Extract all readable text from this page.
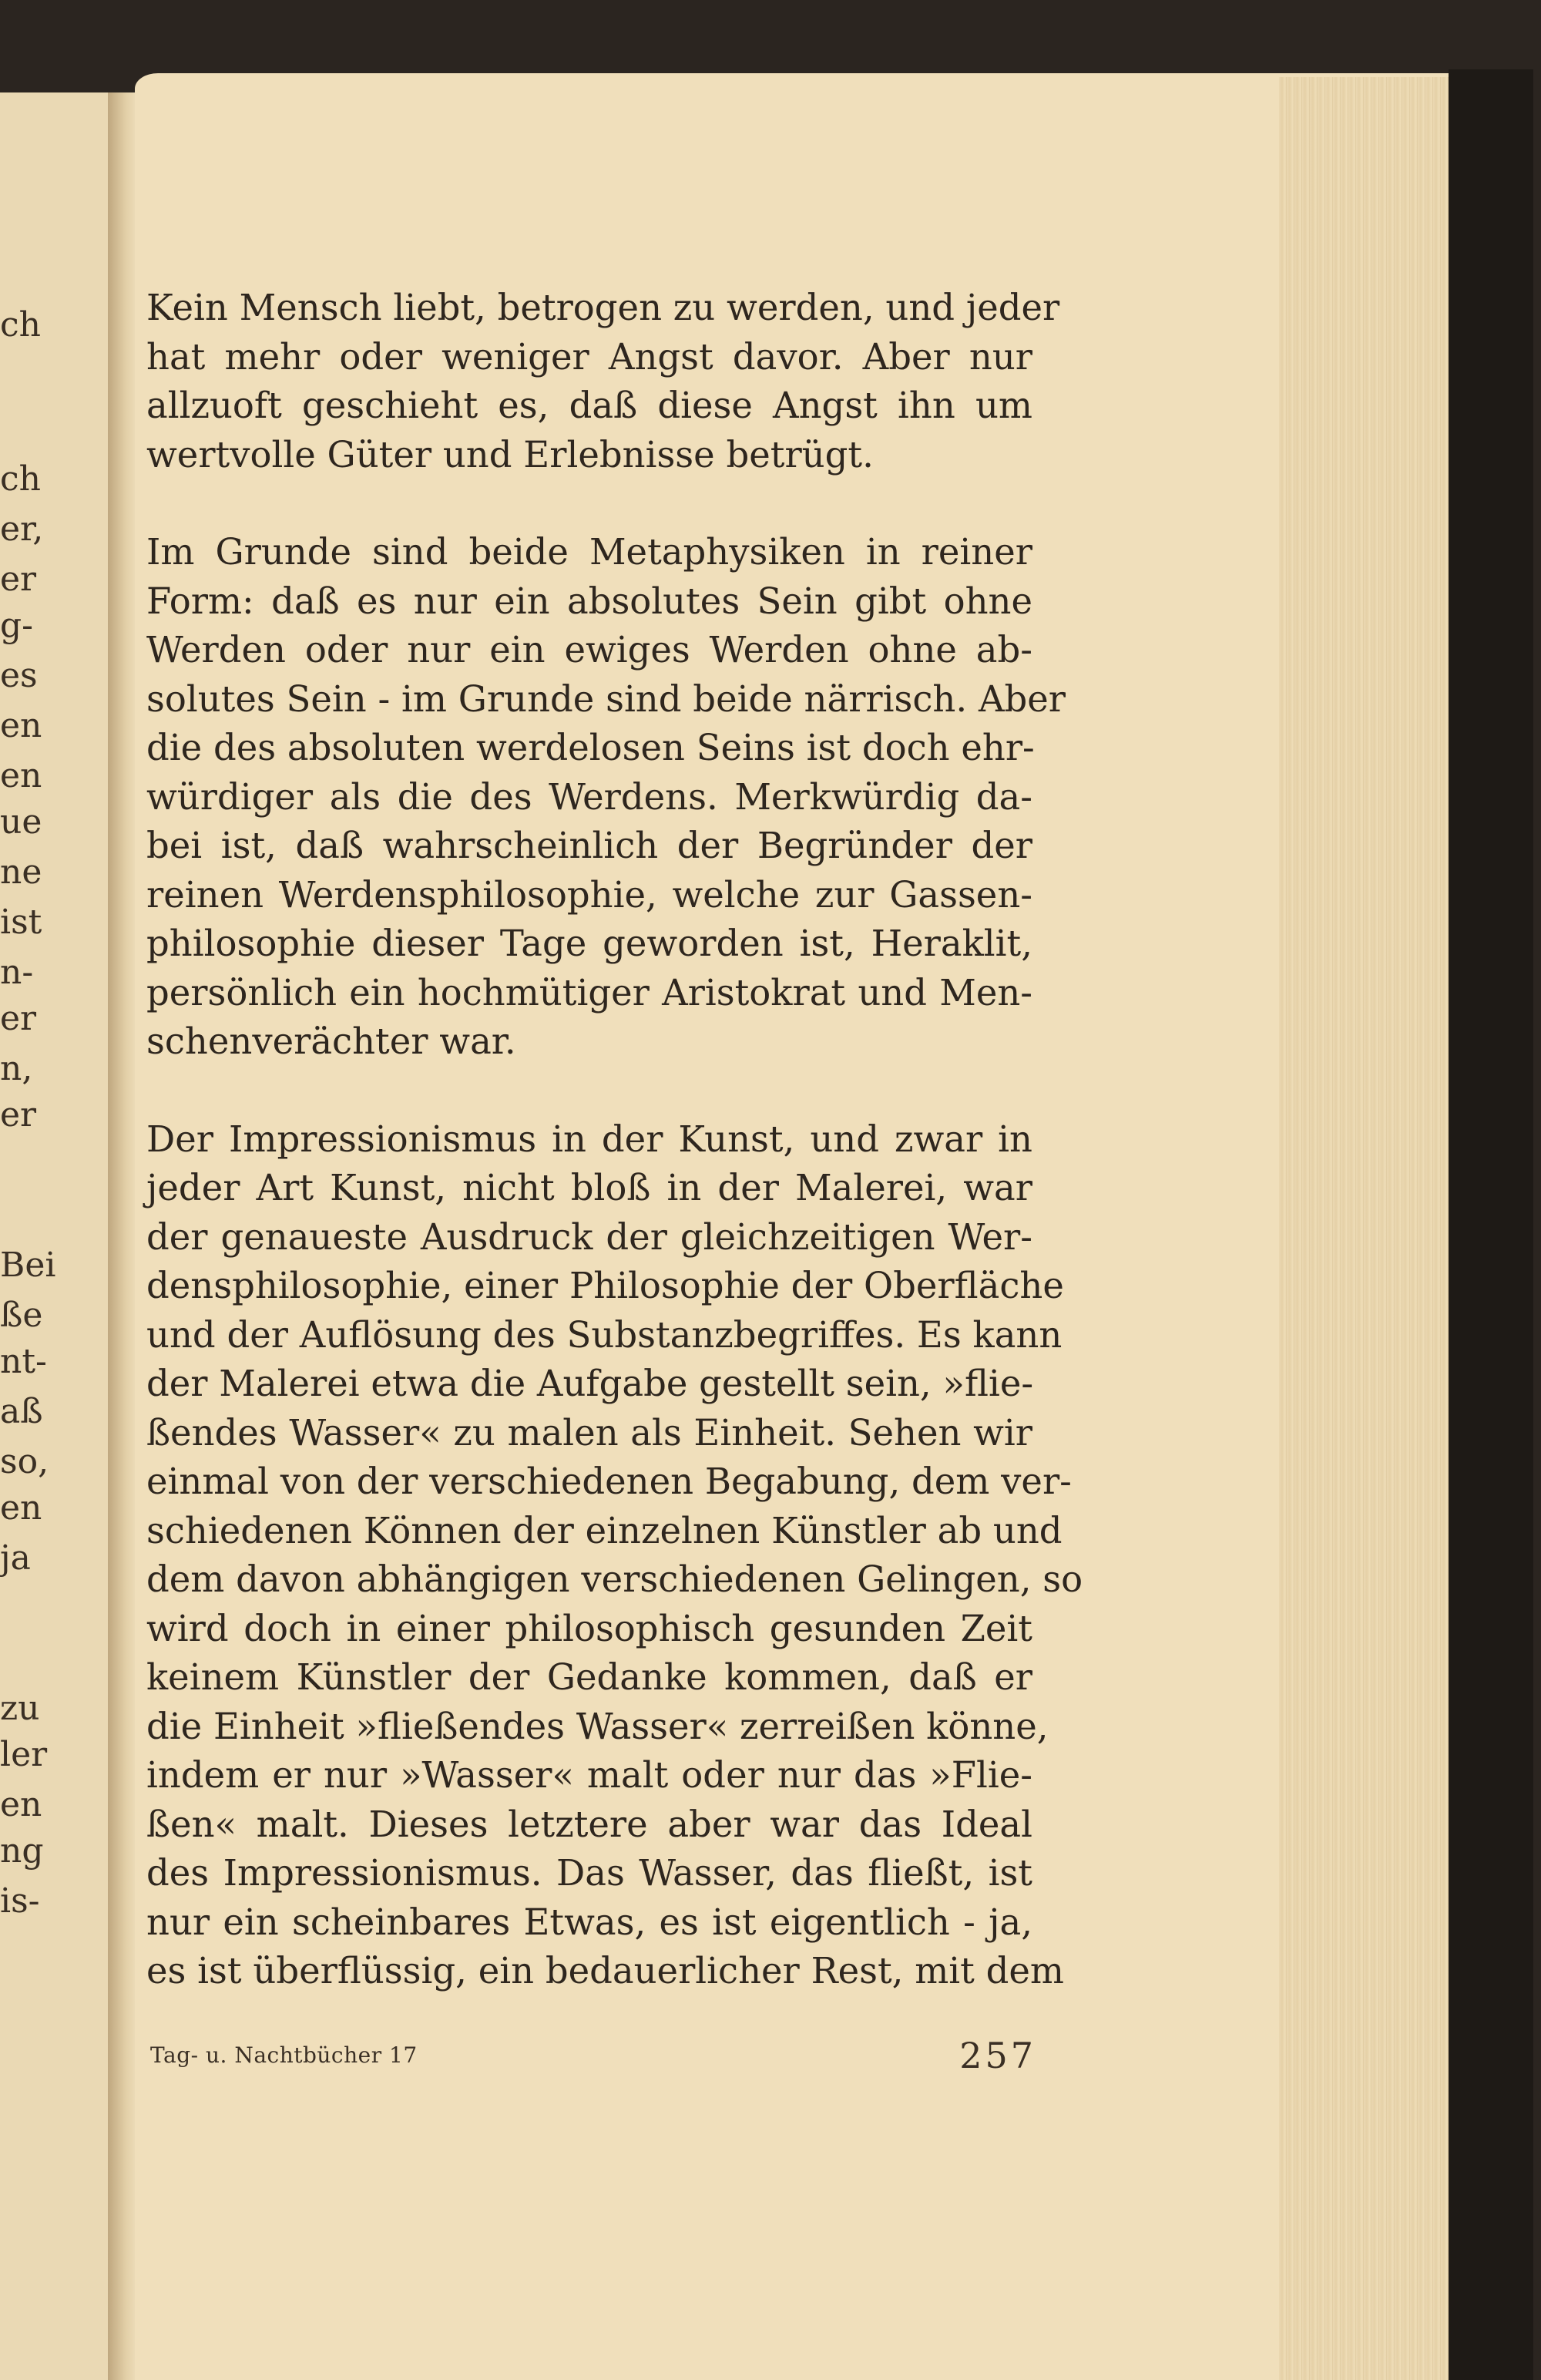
ch
ch
er,
er
g-
es
en
en
ue
ne
ist
n-
er
n,
er
Bei
ße
nt-
aß
so,
en
ja
zu
ler
en
ng
is-

Kein Mensch liebt, betrogen zu werden, und jeder
hat mehr oder weniger Angst davor. Aber nur
allzuoft geschieht es, daß diese Angst ihn um
wertvolle Güter und Erlebnisse betrügt.

Im Grunde sind beide Metaphysiken in reiner
Form: daß es nur ein absolutes Sein gibt ohne
Werden oder nur ein ewiges Werden ohne ab-
solutes Sein - im Grunde sind beide närrisch. Aber
die des absoluten werdelosen Seins ist doch ehr-
würdiger als die des Werdens. Merkwürdig da-
bei ist, daß wahrscheinlich der Begründer der
reinen Werdensphilosophie, welche zur Gassen-
philosophie dieser Tage geworden ist, Heraklit,
persönlich ein hochmütiger Aristokrat und Men-
schenverächter war.

Der Impressionismus in der Kunst, und zwar in
jeder Art Kunst, nicht bloß in der Malerei, war
der genaueste Ausdruck der gleichzeitigen Wer-
densphilosophie, einer Philosophie der Oberfläche
und der Auflösung des Substanzbegriffes. Es kann
der Malerei etwa die Aufgabe gestellt sein, »flie-
ßendes Wasser« zu malen als Einheit. Sehen wir
einmal von der verschiedenen Begabung, dem ver-
schiedenen Können der einzelnen Künstler ab und
dem davon abhängigen verschiedenen Gelingen, so
wird doch in einer philosophisch gesunden Zeit
keinem Künstler der Gedanke kommen, daß er
die Einheit »fließendes Wasser« zerreißen könne,
indem er nur »Wasser« malt oder nur das »Flie-
ßen« malt. Dieses letztere aber war das Ideal
des Impressionismus. Das Wasser, das fließt, ist
nur ein scheinbares Etwas, es ist eigentlich - ja,
es ist überflüssig, ein bedauerlicher Rest, mit dem

Tag- u. Nachtbücher 17	257
